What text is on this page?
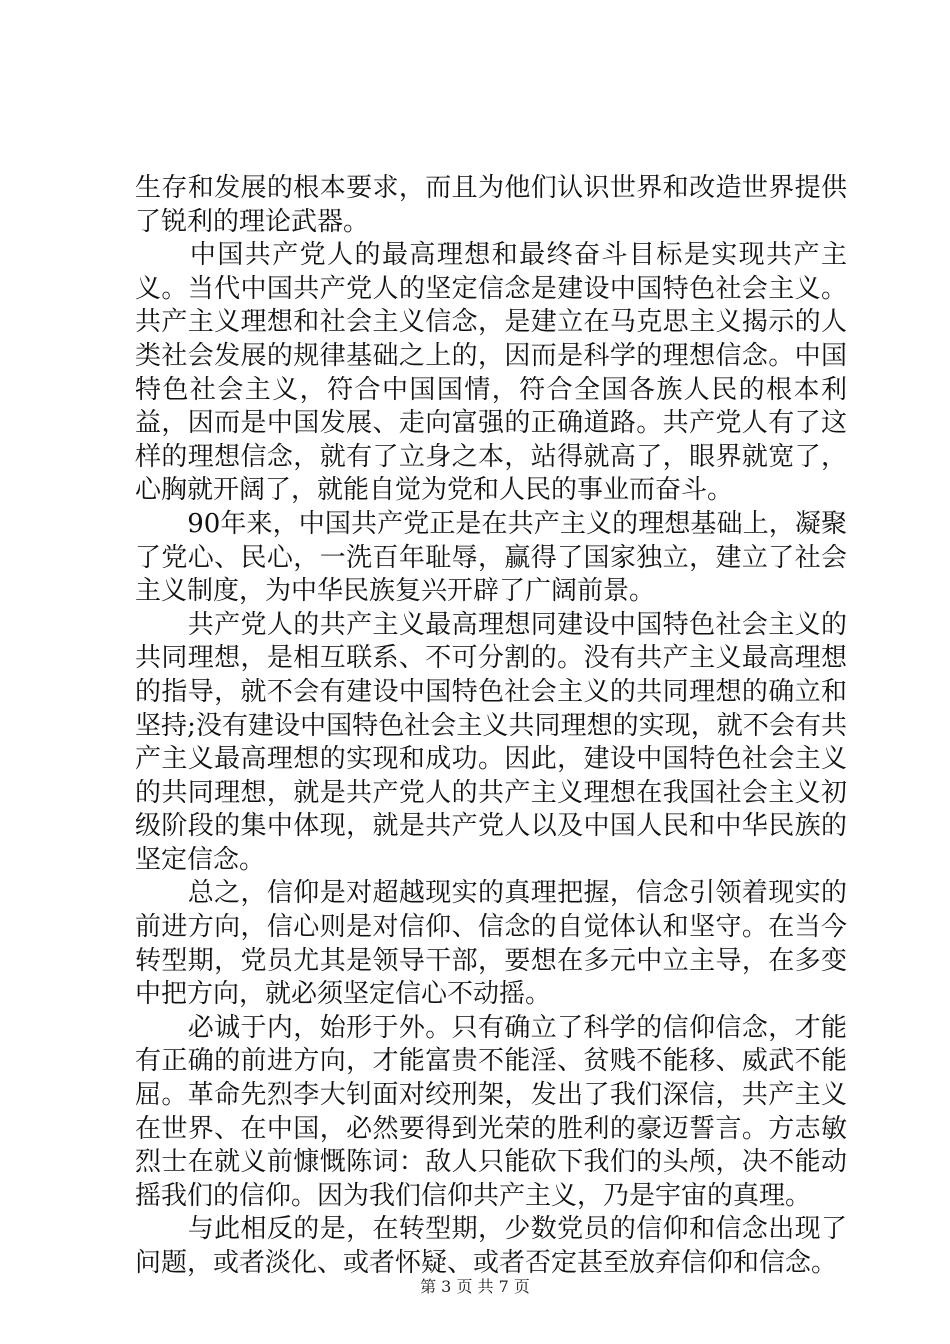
生存和发展的根本要求，而且为他们认识世界和改造世界提供了锐利的理论武器。

　　中国共产党人的最高理想和最终奋斗目标是实现共产主义。当代中国共产党人的坚定信念是建设中国特色社会主义。共产主义理想和社会主义信念，是建立在马克思主义揭示的人类社会发展的规律基础之上的，因而是科学的理想信念。中国特色社会主义，符合中国国情，符合全国各族人民的根本利益，因而是中国发展、走向富强的正确道路。共产党人有了这样的理想信念，就有了立身之本，站得就高了，眼界就宽了，心胸就开阔了，就能自觉为党和人民的事业而奋斗。

　　90年来，中国共产党正是在共产主义的理想基础上，凝聚了党心、民心，一洗百年耻辱，赢得了国家独立，建立了社会主义制度，为中华民族复兴开辟了广阔前景。

　　共产党人的共产主义最高理想同建设中国特色社会主义的共同理想，是相互联系、不可分割的。没有共产主义最高理想的指导，就不会有建设中国特色社会主义的共同理想的确立和坚持;没有建设中国特色社会主义共同理想的实现，就不会有共产主义最高理想的实现和成功。因此，建设中国特色社会主义的共同理想，就是共产党人的共产主义理想在我国社会主义初级阶段的集中体现，就是共产党人以及中国人民和中华民族的坚定信念。

　　总之，信仰是对超越现实的真理把握，信念引领着现实的前进方向，信心则是对信仰、信念的自觉体认和坚守。在当今转型期，党员尤其是领导干部，要想在多元中立主导，在多变中把方向，就必须坚定信心不动摇。

　　必诚于内，始形于外。只有确立了科学的信仰信念，才能有正确的前进方向，才能富贵不能淫、贫贱不能移、威武不能屈。革命先烈李大钊面对绞刑架，发出了我们深信，共产主义在世界、在中国，必然要得到光荣的胜利的豪迈誓言。方志敏烈士在就义前慷慨陈词：敌人只能砍下我们的头颅，决不能动摇我们的信仰。因为我们信仰共产主义，乃是宇宙的真理。

　　与此相反的是，在转型期，少数党员的信仰和信念出现了问题，或者淡化、或者怀疑、或者否定甚至放弃信仰和信念。

第 3 页 共 7 页
